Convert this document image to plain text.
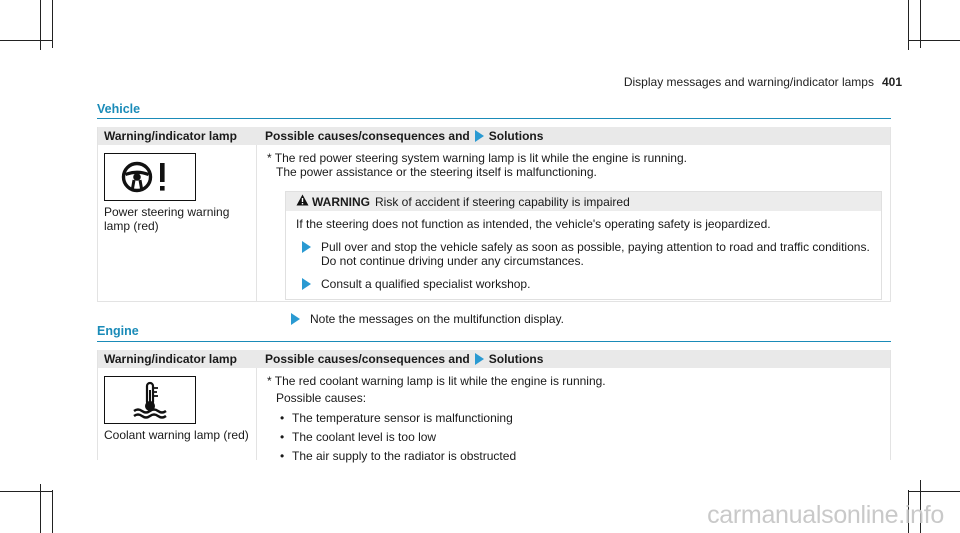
Display messages and warning/indicator lamps 401
Vehicle
Warning/indicator lamp	Possible causes/consequences and Solutions
Power steering warning lamp (red)
* The red power steering system warning lamp is lit while the engine is running.
The power assistance or the steering itself is malfunctioning.
WARNING Risk of accident if steering capability is impaired
If the steering does not function as intended, the vehicle's operating safety is jeopardized.
Pull over and stop the vehicle safely as soon as possible, paying attention to road and traffic conditions. Do not continue driving under any circumstances.
Consult a qualified specialist workshop.
Note the messages on the multifunction display.
Engine
Warning/indicator lamp	Possible causes/consequences and Solutions
Coolant warning lamp (red)
* The red coolant warning lamp is lit while the engine is running.
Possible causes:
• The temperature sensor is malfunctioning
• The coolant level is too low
• The air supply to the radiator is obstructed
carmanualsonline.info
